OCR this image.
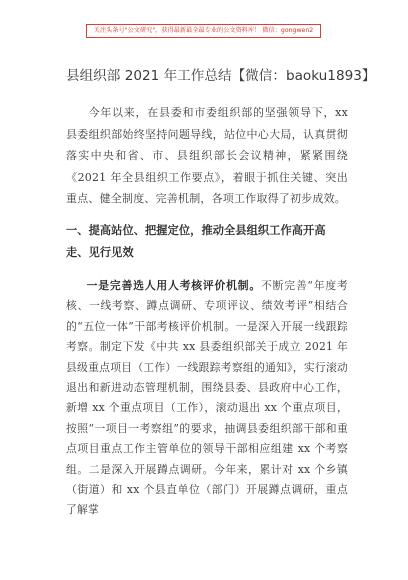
关注头条号"公文研究"，获得最新最全最专业的公文资料库！ 微信：gongwen2
县组织部 2021 年工作总结【微信：baoku1893】
今年以来，在县委和市委组织部的坚强领导下，xx 县委组织部始终坚持问题导线，站位中心大局，认真贯彻落实中央和省、市、县组织部长会议精神，紧紧围绕《2021 年全县组织工作要点》，着眼于抓住关键、突出重点、健全制度、完善机制，各项工作取得了初步成效。
一、提高站位、把握定位，推动全县组织工作高开高走、见行见效
一是完善选人用人考核评价机制。不断完善“年度考核、一线考察、蹲点调研、专项评议、绩效考评”相结合的“五位一体”干部考核评价机制。一是深入开展一线跟踪考察。制定下发《中共 xx 县委组织部关于成立 2021 年县级重点项目（工作）一线跟踪考察组的通知》，实行滚动退出和新进动态管理机制，围绕县委、县政府中心工作，新增 xx 个重点项目（工作），滚动退出 xx 个重点项目，按照“一项目一考察组”的要求，抽调县委组织部干部和重点项目重点工作主管单位的领导干部相应组建 xx 个考察组。二是深入开展蹲点调研。今年来，累计对 xx 个乡镇（街道）和 xx 个县直单位（部门）开展蹲点调研，重点了解掌
